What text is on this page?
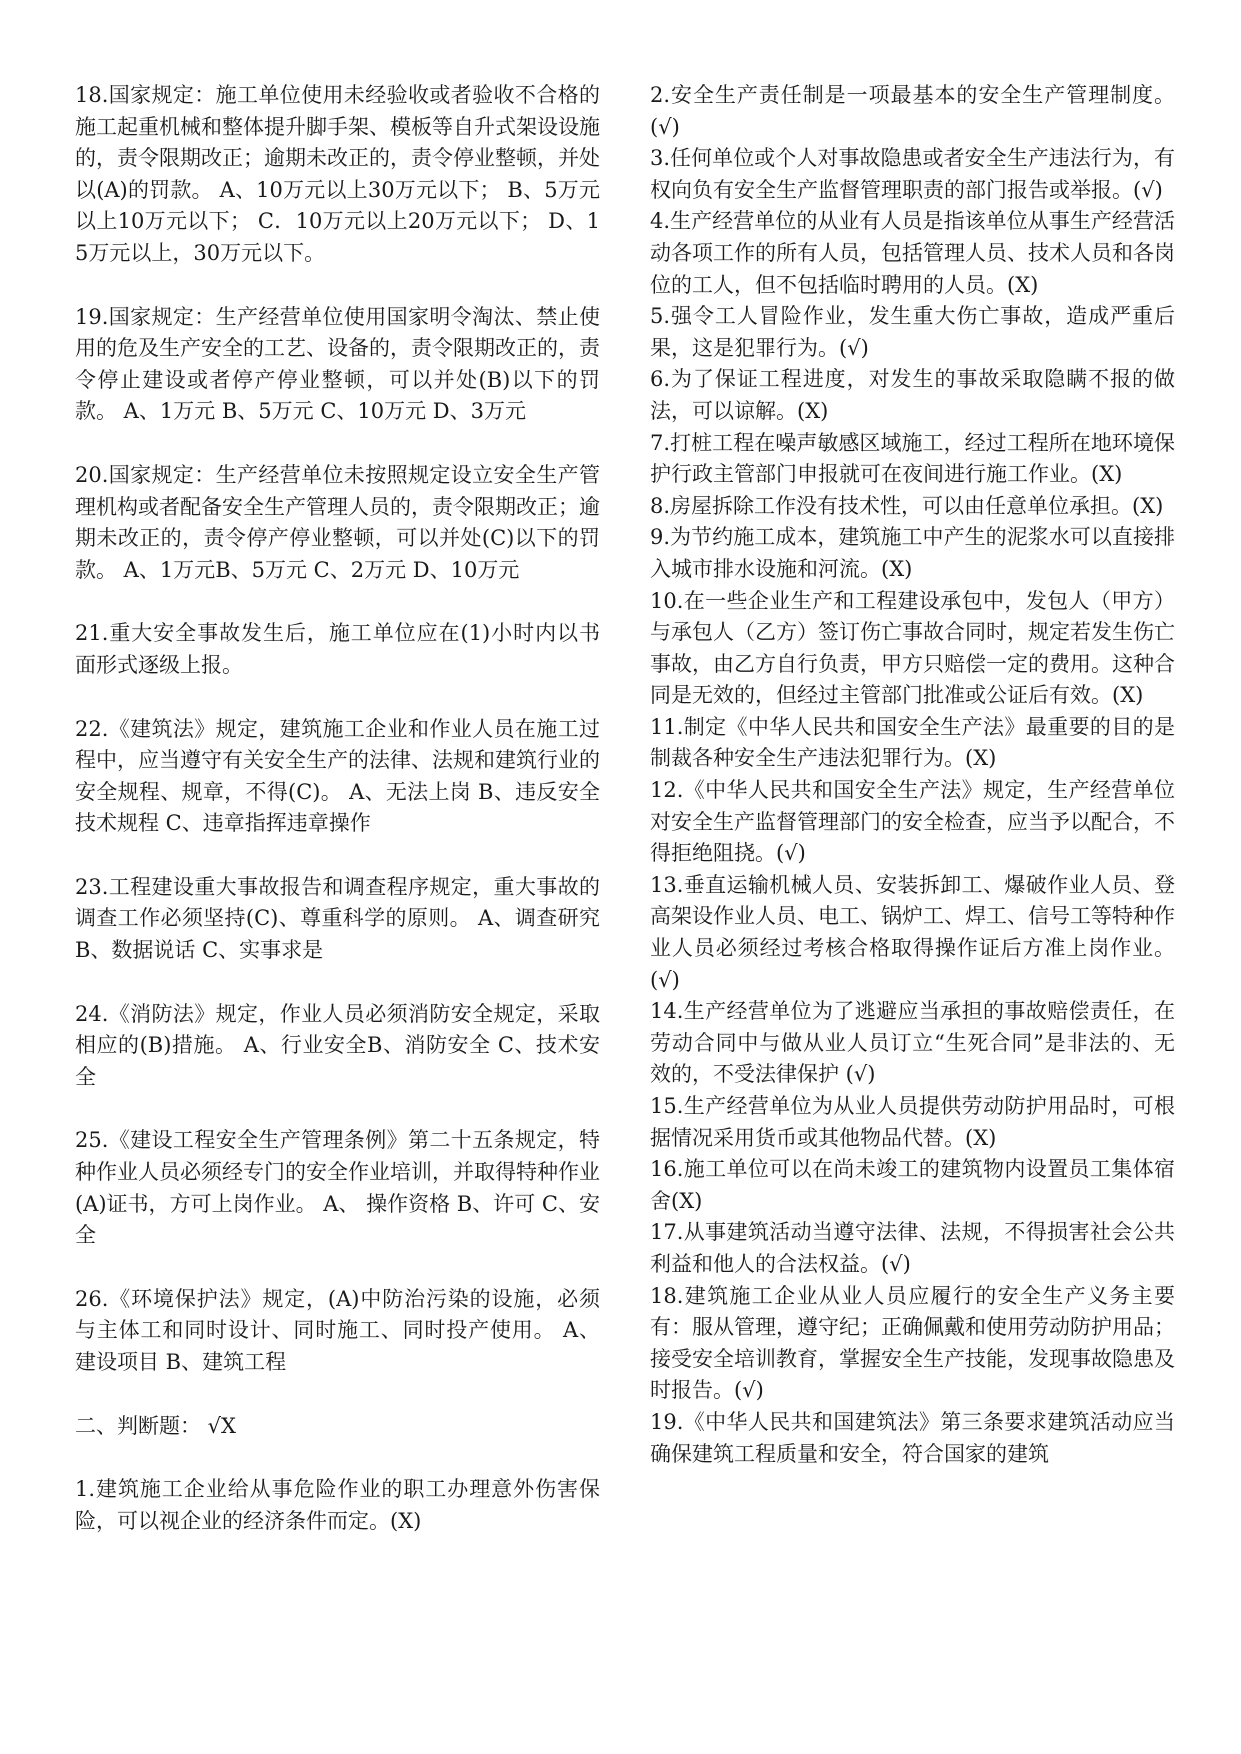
18.国家规定：施工单位使用未经验收或者验收不合格的施工起重机械和整体提升脚手架、模板等自升式架设设施的，责令限期改正；逾期未改正的，责令停业整顿，并处以(A)的罚款。 A、10万元以上30万元以下； B、5万元以上10万元以下； C．10万元以上20万元以下； D、15万元以上，30万元以下。

19.国家规定：生产经营单位使用国家明令淘汰、禁止使用的危及生产安全的工艺、设备的，责令限期改正的，责令停止建设或者停产停业整顿，可以并处(B)以下的罚款。 A、1万元 B、5万元 C、10万元 D、3万元

20.国家规定：生产经营单位未按照规定设立安全生产管理机构或者配备安全生产管理人员的，责令限期改正；逾期未改正的，责令停产停业整顿，可以并处(C)以下的罚款。 A、1万元B、5万元 C、2万元 D、10万元

21.重大安全事故发生后，施工单位应在(1)小时内以书面形式逐级上报。

22.《建筑法》规定，建筑施工企业和作业人员在施工过程中，应当遵守有关安全生产的法律、法规和建筑行业的安全规程、规章，不得(C)。 A、无法上岗 B、违反安全技术规程 C、违章指挥违章操作

23.工程建设重大事故报告和调查程序规定，重大事故的调查工作必须坚持(C)、尊重科学的原则。 A、调查研究 B、数据说话 C、实事求是

24.《消防法》规定，作业人员必须消防安全规定，采取相应的(B)措施。 A、行业安全B、消防安全 C、技术安全

25.《建设工程安全生产管理条例》第二十五条规定，特种作业人员必须经专门的安全作业培训，并取得特种作业(A)证书，方可上岗作业。 A、 操作资格 B、许可 C、安全

26.《环境保护法》规定，(A)中防治污染的设施，必须与主体工和同时设计、同时施工、同时投产使用。 A、建设项目 B、建筑工程

二、判断题： √X

1.建筑施工企业给从事危险作业的职工办理意外伤害保险，可以视企业的经济条件而定。(X)

2.安全生产责任制是一项最基本的安全生产管理制度。(√)

3.任何单位或个人对事故隐患或者安全生产违法行为，有权向负有安全生产监督管理职责的部门报告或举报。(√)

4.生产经营单位的从业有人员是指该单位从事生产经营活动各项工作的所有人员，包括管理人员、技术人员和各岗位的工人，但不包括临时聘用的人员。(X)

5.强令工人冒险作业，发生重大伤亡事故，造成严重后果，这是犯罪行为。(√)

6.为了保证工程进度，对发生的事故采取隐瞒不报的做法，可以谅解。(X)

7.打桩工程在噪声敏感区域施工，经过工程所在地环境保护行政主管部门申报就可在夜间进行施工作业。(X)

8.房屋拆除工作没有技术性，可以由任意单位承担。(X)

9.为节约施工成本，建筑施工中产生的泥浆水可以直接排入城市排水设施和河流。(X)

10.在一些企业生产和工程建设承包中，发包人（甲方）与承包人（乙方）签订伤亡事故合同时，规定若发生伤亡事故，由乙方自行负责，甲方只赔偿一定的费用。这种合同是无效的，但经过主管部门批准或公证后有效。(X)

11.制定《中华人民共和国安全生产法》最重要的目的是制裁各种安全生产违法犯罪行为。(X)

12.《中华人民共和国安全生产法》规定，生产经营单位对安全生产监督管理部门的安全检查，应当予以配合，不得拒绝阻挠。(√)

13.垂直运输机械人员、安装拆卸工、爆破作业人员、登高架设作业人员、电工、锅炉工、焊工、信号工等特种作业人员必须经过考核合格取得操作证后方准上岗作业。(√)

14.生产经营单位为了逃避应当承担的事故赔偿责任，在劳动合同中与做从业人员订立“生死合同”是非法的、无效的，不受法律保护 (√)

15.生产经营单位为从业人员提供劳动防护用品时，可根据情况采用货币或其他物品代替。(X)

16.施工单位可以在尚未竣工的建筑物内设置员工集体宿舍(X)

17.从事建筑活动当遵守法律、法规，不得损害社会公共利益和他人的合法权益。(√)

18.建筑施工企业从业人员应履行的安全生产义务主要有：服从管理，遵守纪；正确佩戴和使用劳动防护用品；接受安全培训教育，掌握安全生产技能，发现事故隐患及时报告。(√)

19.《中华人民共和国建筑法》第三条要求建筑活动应当确保建筑工程质量和安全，符合国家的建筑
